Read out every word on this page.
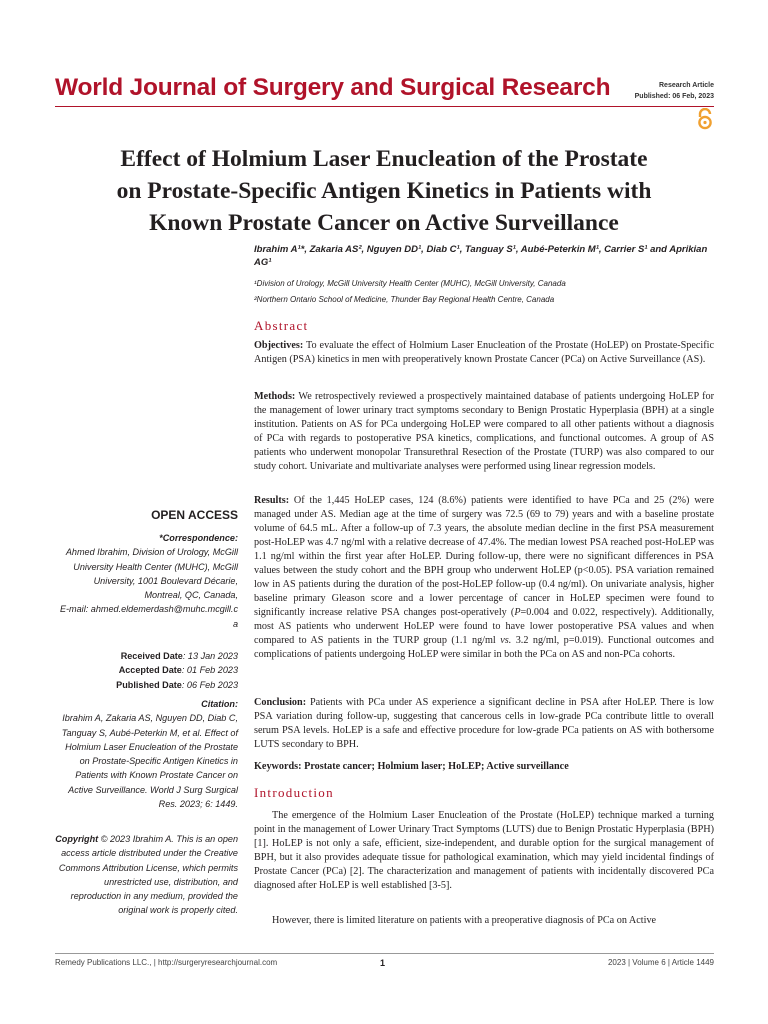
World Journal of Surgery and Surgical Research	Research Article
Published: 06 Feb, 2023
Effect of Holmium Laser Enucleation of the Prostate
on Prostate-Specific Antigen Kinetics in Patients with
Known Prostate Cancer on Active Surveillance
Ibrahim A¹*, Zakaria AS², Nguyen DD¹, Diab C¹, Tanguay S¹, Aubé-Peterkin M¹, Carrier S¹ and Aprikian AG¹
¹Division of Urology, McGill University Health Center (MUHC), McGill University, Canada
²Northern Ontario School of Medicine, Thunder Bay Regional Health Centre, Canada
Abstract
Objectives: To evaluate the effect of Holmium Laser Enucleation of the Prostate (HoLEP) on Prostate-Specific Antigen (PSA) kinetics in men with preoperatively known Prostate Cancer (PCa) on Active Surveillance (AS).
Methods: We retrospectively reviewed a prospectively maintained database of patients undergoing HoLEP for the management of lower urinary tract symptoms secondary to Benign Prostatic Hyperplasia (BPH) at a single institution. Patients on AS for PCa undergoing HoLEP were compared to all other patients without a diagnosis of PCa with regards to postoperative PSA kinetics, complications, and functional outcomes. A group of AS patients who underwent monopolar Transurethral Resection of the Prostate (TURP) was also compared to our study cohort. Univariate and multivariate analyses were performed using linear regression models.
Results: Of the 1,445 HoLEP cases, 124 (8.6%) patients were identified to have PCa and 25 (2%) were managed under AS. Median age at the time of surgery was 72.5 (69 to 79) years and with a baseline prostate volume of 64.5 mL. After a follow-up of 7.3 years, the absolute median decline in the first PSA measurement post-HoLEP was 4.7 ng/ml with a relative decrease of 47.4%. The median lowest PSA reached post-HoLEP was 1.1 ng/ml within the first year after HoLEP. During follow-up, there were no significant differences in PSA values between the study cohort and the BPH group who underwent HoLEP (p<0.05). PSA variation remained low in AS patients during the duration of the post-HoLEP follow-up (0.4 ng/ml). On univariate analysis, higher baseline primary Gleason score and a lower percentage of cancer in HoLEP specimen were found to significantly increase relative PSA changes post-operatively (P=0.004 and 0.022, respectively). Additionally, most AS patients who underwent HoLEP were found to have lower postoperative PSA values and when compared to AS patients in the TURP group (1.1 ng/ml vs. 3.2 ng/ml, p=0.019). Functional outcomes and complications of patients undergoing HoLEP were similar in both the PCa on AS and non-PCa cohorts.
Conclusion: Patients with PCa under AS experience a significant decline in PSA after HoLEP. There is low PSA variation during follow-up, suggesting that cancerous cells in low-grade PCa contribute little to overall serum PSA levels. HoLEP is a safe and effective procedure for low-grade PCa patients on AS with bothersome LUTS secondary to BPH.
Keywords: Prostate cancer; Holmium laser; HoLEP; Active surveillance
Introduction
The emergence of the Holmium Laser Enucleation of the Prostate (HoLEP) technique marked a turning point in the management of Lower Urinary Tract Symptoms (LUTS) due to Benign Prostatic Hyperplasia (BPH) [1]. HoLEP is not only a safe, efficient, size-independent, and durable option for the surgical management of BPH, but it also provides adequate tissue for pathological examination, which may yield incidental findings of Prostate Cancer (PCa) [2]. The characterization and management of patients with incidentally discovered PCa diagnosed after HoLEP is well established [3-5].
However, there is limited literature on patients with a preoperative diagnosis of PCa on Active
OPEN ACCESS
*Correspondence:
Ahmed Ibrahim, Division of Urology, McGill University Health Center (MUHC), McGill University, 1001 Boulevard Décarie, Montreal, QC, Canada,
E-mail: ahmed.eldemerdash@muhc.mcgill.ca
Received Date: 13 Jan 2023
Accepted Date: 01 Feb 2023
Published Date: 06 Feb 2023
Citation:
Ibrahim A, Zakaria AS, Nguyen DD, Diab C, Tanguay S, Aubé-Peterkin M, et al. Effect of Holmium Laser Enucleation of the Prostate on Prostate-Specific Antigen Kinetics in Patients with Known Prostate Cancer on Active Surveillance. World J Surg Surgical Res. 2023; 6: 1449.
Copyright © 2023 Ibrahim A. This is an open access article distributed under the Creative Commons Attribution License, which permits unrestricted use, distribution, and reproduction in any medium, provided the original work is properly cited.
Remedy Publications LLC., | http://surgeryresearchjournal.com	1	2023 | Volume 6 | Article 1449
